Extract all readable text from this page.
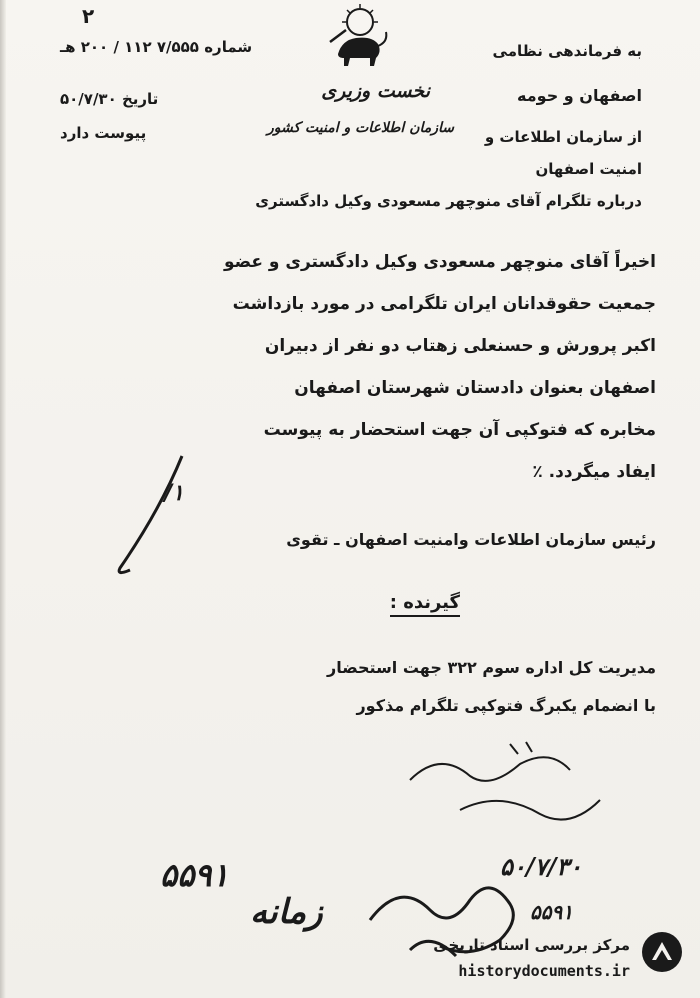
۲
به فرماندهی نظامی
اصفهان و حومه
نخست وزیری
از سازمان اطلاعات و
سازمان اطلاعات و امنیت کشور
امنیت اصفهان
درباره تلگرام آقای منوچهر مسعودی وکیل دادگستری
شماره ۷/۵۵۵ ۱۱۲ / ۲۰۰ هـ
تاریخ ۵۰/۷/۳۰
پیوست دارد
اخیراً آقای منوچهر مسعودی وکیل دادگستری و عضو
جمعیت حقوقدانان ایران تلگرامی در مورد بازداشت
اکبر پرورش و حسنعلی زهتاب دو نفر از دبیران
اصفهان بعنوان دادستان شهرستان اصفهان
مخابره که فتوکپی آن جهت استحضار به پیوست
ایفاد میگردد. ٪
۱/
رئیس سازمان اطلاعات وامنیت اصفهان ـ تقوی
گیرنده :
مدیریت کل اداره سوم ۳۲۲ جهت استحضار
با انضمام یکبرگ فتوکپی تلگرام مذکور
۵۵۹۱	۵۰/۷/۳۰
۵۵۹۱
زمانه
مرکز بررسی اسناد تاریخی
historydocuments.ir
